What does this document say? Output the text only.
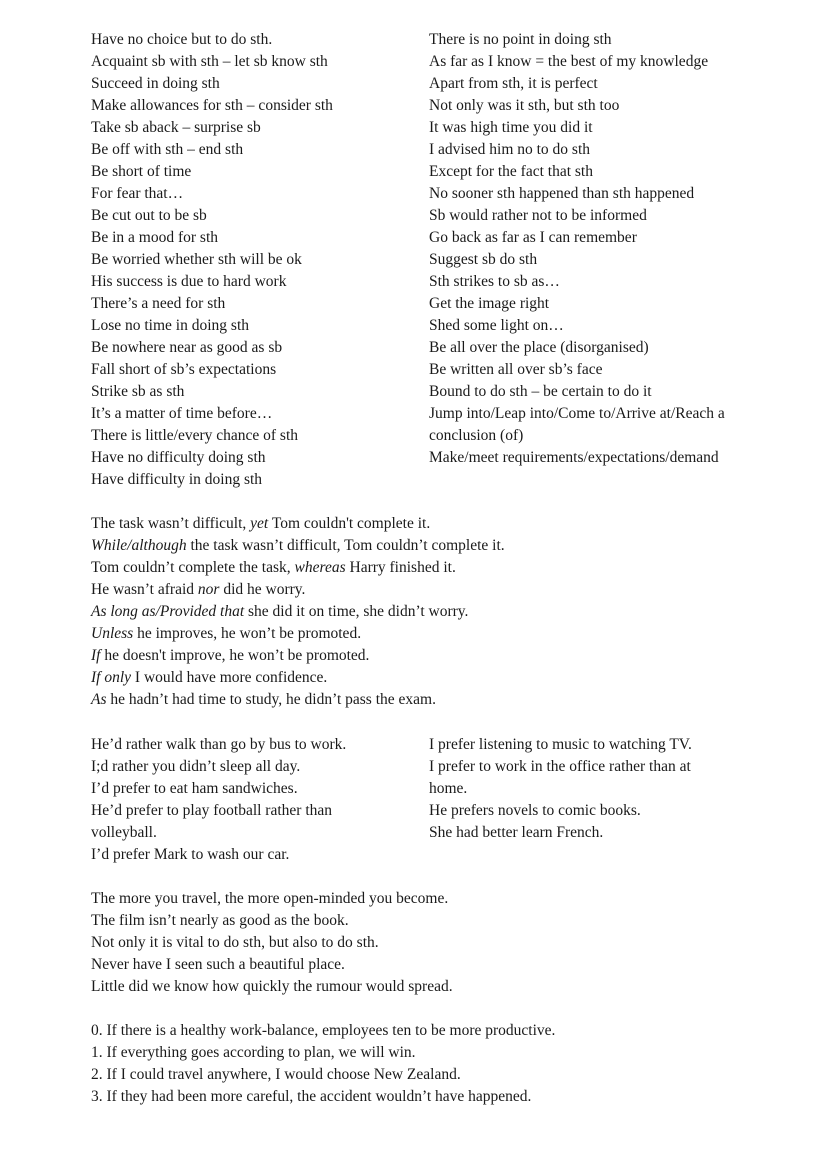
Have no choice but to do sth.
Acquaint sb with sth – let sb know sth
Succeed in doing sth
Make allowances for sth – consider sth
Take sb aback – surprise sb
Be off with sth – end sth
Be short of time
For fear that…
Be cut out to be sb
Be in a mood for sth
Be worried whether sth will be ok
His success is due to hard work
There’s a need for sth
Lose no time in doing sth
Be nowhere near as good as sb
Fall short of sb’s expectations
Strike sb as sth
It’s a matter of time before…
There is little/every chance of sth
Have no difficulty doing sth
Have difficulty in doing sth
There is no point in doing sth
As far as I know = the best of my knowledge
Apart from sth, it is perfect
Not only was it sth, but sth too
It was high time you did it
I advised him no to do sth
Except for the fact that sth
No sooner sth happened than sth happened
Sb would rather not to be informed
Go back as far as I can remember
Suggest sb do sth
Sth strikes to sb as…
Get the image right
Shed some light on…
Be all over the place (disorganised)
Be written all over sb’s face
Bound to do sth – be certain to do it
Jump into/Leap into/Come to/Arrive at/Reach a
conclusion (of)
Make/meet requirements/expectations/demand
The task wasn’t difficult, yet Tom couldn't complete it.
While/although the task wasn’t difficult, Tom couldn’t complete it.
Tom couldn’t complete the task, whereas Harry finished it.
He wasn’t afraid nor did he worry.
As long as/Provided that she did it on time, she didn’t worry.
Unless he improves, he won’t be promoted.
If he doesn't improve, he won’t be promoted.
If only I would have more confidence.
As he hadn’t had time to study, he didn’t pass the exam.
He’d rather walk than go by bus to work.
I;d rather you didn’t sleep all day.
I’d prefer to eat ham sandwiches.
He’d prefer to play football rather than
volleyball.
I’d prefer Mark to wash our car.
I prefer listening to music to watching TV.
I prefer to work in the office rather than at
home.
He prefers novels to comic books.
She had better learn French.
The more you travel, the more open-minded you become.
The film isn’t nearly as good as the book.
Not only it is vital to do sth, but also to do sth.
Never have I seen such a beautiful place.
Little did we know how quickly the rumour would spread.
0. If there is a healthy work-balance, employees ten to be more productive.
1. If everything goes according to plan, we will win.
2. If I could travel anywhere, I would choose New Zealand.
3. If they had been more careful, the accident wouldn’t have happened.
